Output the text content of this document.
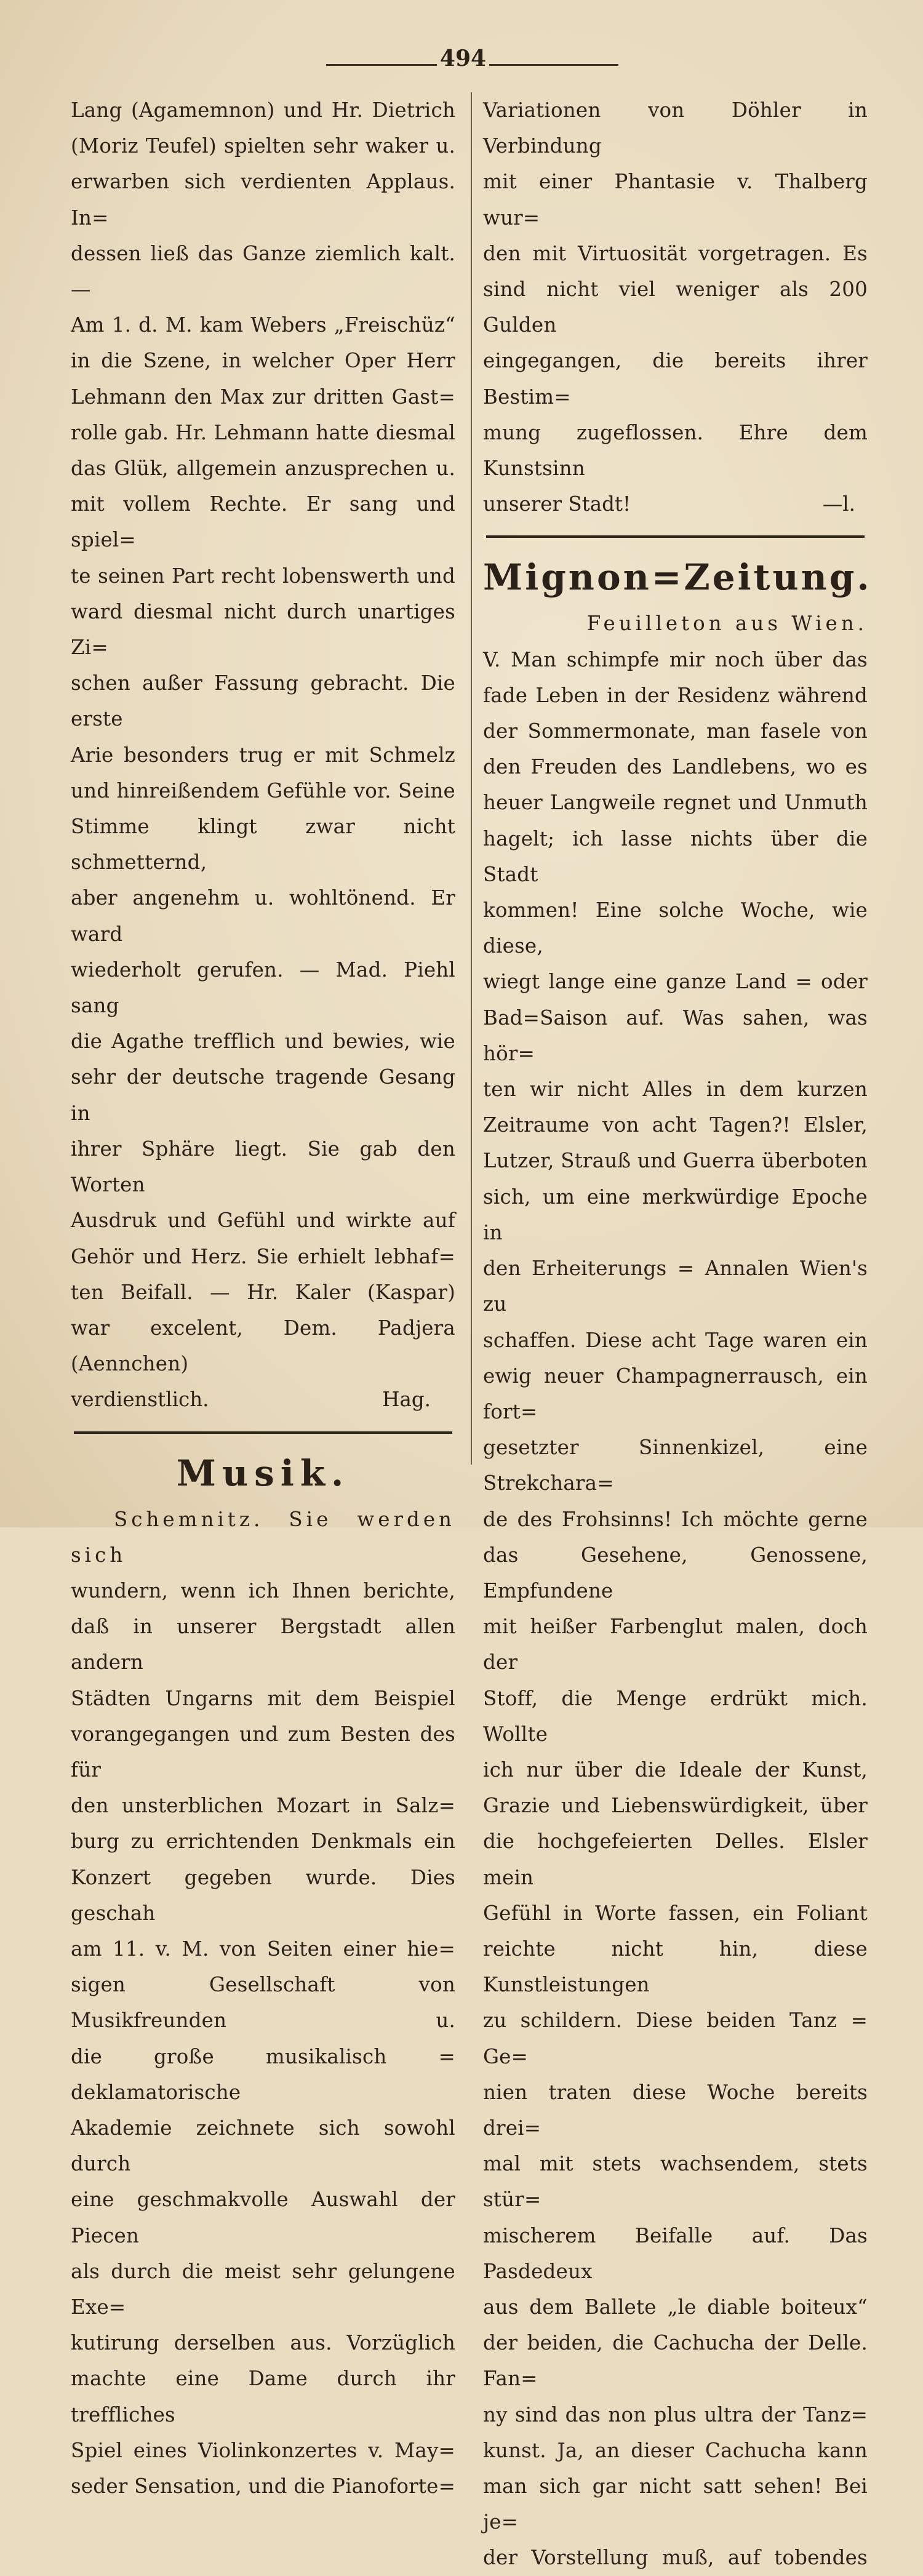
494

Lang (Agamemnon) und Hr. Dietrich

(Moriz Teufel) spielten sehr waker u.

erwarben sich verdienten Applaus. In=

dessen ließ das Ganze ziemlich kalt. —

Am 1. d. M. kam Webers „Freischüz“

in die Szene, in welcher Oper Herr

Lehmann den Max zur dritten Gast=

rolle gab. Hr. Lehmann hatte diesmal

das Glük, allgemein anzusprechen u.

mit vollem Rechte. Er sang und spiel=

te seinen Part recht lobenswerth und

ward diesmal nicht durch unartiges Zi=

schen außer Fassung gebracht. Die erste

Arie besonders trug er mit Schmelz

und hinreißendem Gefühle vor. Seine

Stimme klingt zwar nicht schmetternd,

aber angenehm u. wohltönend. Er ward

wiederholt gerufen. — Mad. Piehl sang

die Agathe trefflich und bewies, wie

sehr der deutsche tragende Gesang in

ihrer Sphäre liegt. Sie gab den Worten

Ausdruk und Gefühl und wirkte auf

Gehör und Herz. Sie erhielt lebhaf=

ten Beifall. — Hr. Kaler (Kaspar)

war excelent, Dem. Padjera (Aennchen)

verdienstlich.	Hag.
Musik.

Schemnitz. Sie werden sich

wundern, wenn ich Ihnen berichte,

daß in unserer Bergstadt allen andern

Städten Ungarns mit dem Beispiel

vorangegangen und zum Besten des für

den unsterblichen Mozart in Salz=

burg zu errichtenden Denkmals ein

Konzert gegeben wurde. Dies geschah

am 11. v. M. von Seiten einer hie=

sigen Gesellschaft von Musikfreunden u.

die große musikalisch = deklamatorische

Akademie zeichnete sich sowohl durch

eine geschmakvolle Auswahl der Piecen

als durch die meist sehr gelungene Exe=

kutirung derselben aus. Vorzüglich

machte eine Dame durch ihr treffliches

Spiel eines Violinkonzertes v. May=

seder Sensation, und die Pianoforte=

Variationen von Döhler in Verbindung

mit einer Phantasie v. Thalberg wur=

den mit Virtuosität vorgetragen. Es

sind nicht viel weniger als 200 Gulden

eingegangen, die bereits ihrer Bestim=

mung zugeflossen. Ehre dem Kunstsinn

unserer Stadt!	—l.
Mignon=Zeitung.

Feuilleton aus Wien.

V. Man schimpfe mir noch über das

fade Leben in der Residenz während

der Sommermonate, man fasele von

den Freuden des Landlebens, wo es

heuer Langweile regnet und Unmuth

hagelt; ich lasse nichts über die Stadt

kommen! Eine solche Woche, wie diese,

wiegt lange eine ganze Land = oder

Bad=Saison auf. Was sahen, was hör=

ten wir nicht Alles in dem kurzen

Zeitraume von acht Tagen?! Elsler,

Lutzer, Strauß und Guerra überboten

sich, um eine merkwürdige Epoche in

den Erheiterungs = Annalen Wien's zu

schaffen. Diese acht Tage waren ein

ewig neuer Champagnerrausch, ein fort=

gesetzter Sinnenkizel, eine Strekchara=

de des Frohsinns! Ich möchte gerne

das Gesehene, Genossene, Empfundene

mit heißer Farbenglut malen, doch der

Stoff, die Menge erdrükt mich. Wollte

ich nur über die Ideale der Kunst,

Grazie und Liebenswürdigkeit, über

die hochgefeierten Delles. Elsler mein

Gefühl in Worte fassen, ein Foliant

reichte nicht hin, diese Kunstleistungen

zu schildern. Diese beiden Tanz = Ge=

nien traten diese Woche bereits drei=

mal mit stets wachsendem, stets stür=

mischerem Beifalle auf. Das Pasdedeux

aus dem Ballete „le diable boiteux“

der beiden, die Cachucha der Delle. Fan=

ny sind das non plus ultra der Tanz=

kunst. Ja, an dieser Cachucha kann

man sich gar nicht satt sehen! Bei je=

der Vorstellung muß, auf tobendes
